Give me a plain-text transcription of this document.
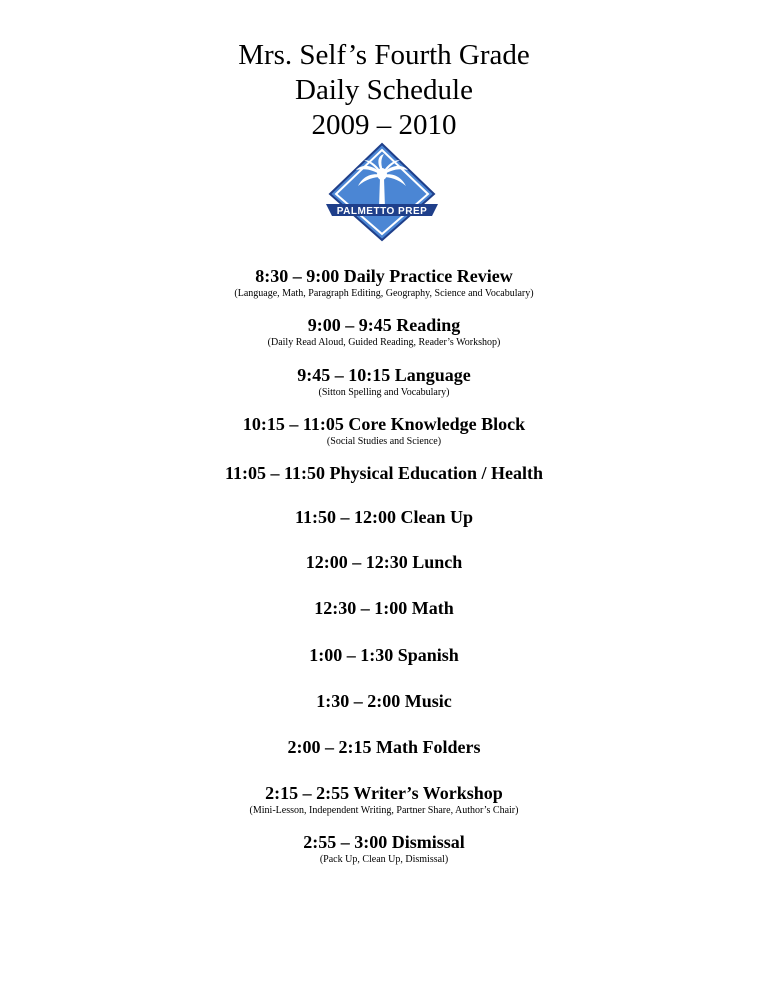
Mrs. Self’s Fourth Grade
Daily Schedule
2009 – 2010
PALMETTO PREP
8:30 – 9:00 Daily Practice Review
(Language, Math, Paragraph Editing, Geography, Science and Vocabulary)
9:00 – 9:45 Reading
(Daily Read Aloud, Guided Reading, Reader’s Workshop)
9:45 – 10:15 Language
(Sitton Spelling and Vocabulary)
10:15 – 11:05 Core Knowledge Block
(Social Studies and Science)
11:05 – 11:50 Physical Education / Health
11:50 – 12:00 Clean Up
12:00 – 12:30 Lunch
12:30 – 1:00 Math
1:00 – 1:30 Spanish
1:30 – 2:00 Music
2:00 – 2:15 Math Folders
2:15 – 2:55 Writer’s Workshop
(Mini-Lesson, Independent Writing, Partner Share, Author’s Chair)
2:55 – 3:00 Dismissal
(Pack Up, Clean Up, Dismissal)
